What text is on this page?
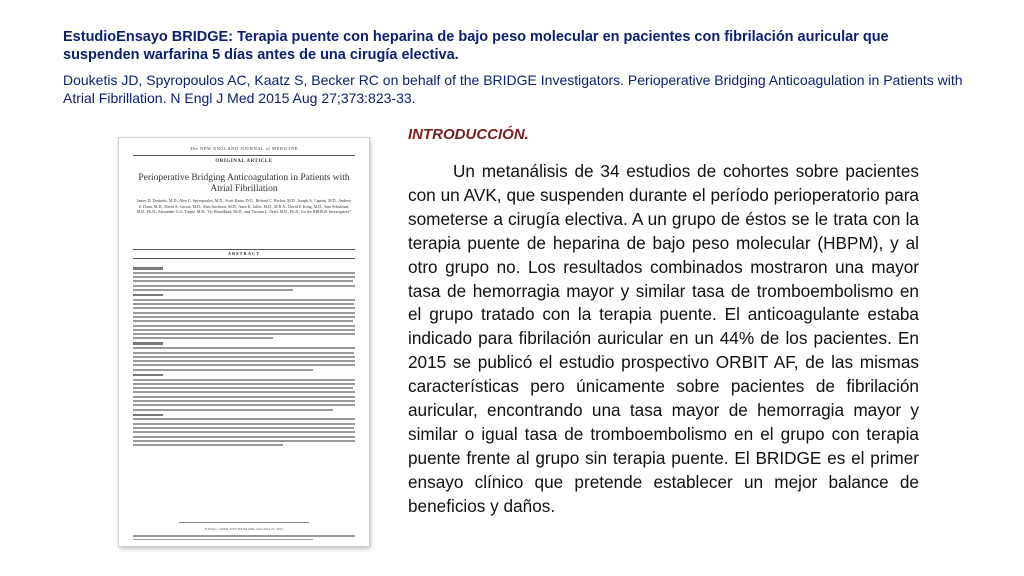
EstudioEnsayo BRIDGE: Terapia puente con heparina de bajo peso molecular en pacientes con fibrilación auricular que suspenden warfarina 5 días antes de una cirugía electiva.
Douketis JD, Spyropoulos AC, Kaatz S, Becker RC on behalf of the BRIDGE Investigators. Perioperative Bridging Anticoagulation in Patients with Atrial Fibrillation. N Engl J Med 2015 Aug 27;373:823-33.
The NEW ENGLAND JOURNAL of MEDICINE
ORIGINAL ARTICLE
Perioperative Bridging Anticoagulation in Patients with Atrial Fibrillation
James D. Douketis, M.D., Alex C. Spyropoulos, M.D., Scott Kaatz, D.O., Richard C. Becker, M.D., Joseph A. Caprini, M.D., Andrew S. Dunn, M.D., David A. Garcia, M.D., Alan Jacobson, M.D., Amir K. Jaffer, M.D., M.B.A., David F. Kong, M.D., Sam Schulman, M.D., Ph.D., Alexander G.G. Turpie, M.D., Vic Hasselblad, Ph.D., and Thomas L. Ortel, M.D., Ph.D., for the BRIDGE Investigators*
ABSTRACT
N ENGL J MED 373;9 NEJM.ORG AUGUST 27, 2015
INTRODUCCIÓN.

Un metanálisis de 34 estudios de cohortes sobre pacientes con un AVK, que suspenden durante el período perioperatorio para someterse a cirugía electiva. A un grupo de éstos se le trata con la terapia puente de heparina de bajo peso molecular (HBPM), y al otro grupo no. Los resultados combinados mostraron una mayor tasa de hemorragia mayor y similar tasa de tromboembolismo en el grupo tratado con la terapia puente. El anticoagulante estaba indicado para fibrilación auricular en un 44% de los pacientes. En 2015 se publicó el estudio prospectivo ORBIT AF, de las mismas características pero únicamente sobre pacientes de fibrilación auricular, encontrando una tasa mayor de hemorragia mayor y similar o igual tasa de tromboembolismo en el grupo con terapia puente frente al grupo sin terapia puente. El BRIDGE es el primer ensayo clínico que pretende establecer un mejor balance de beneficios y daños.
